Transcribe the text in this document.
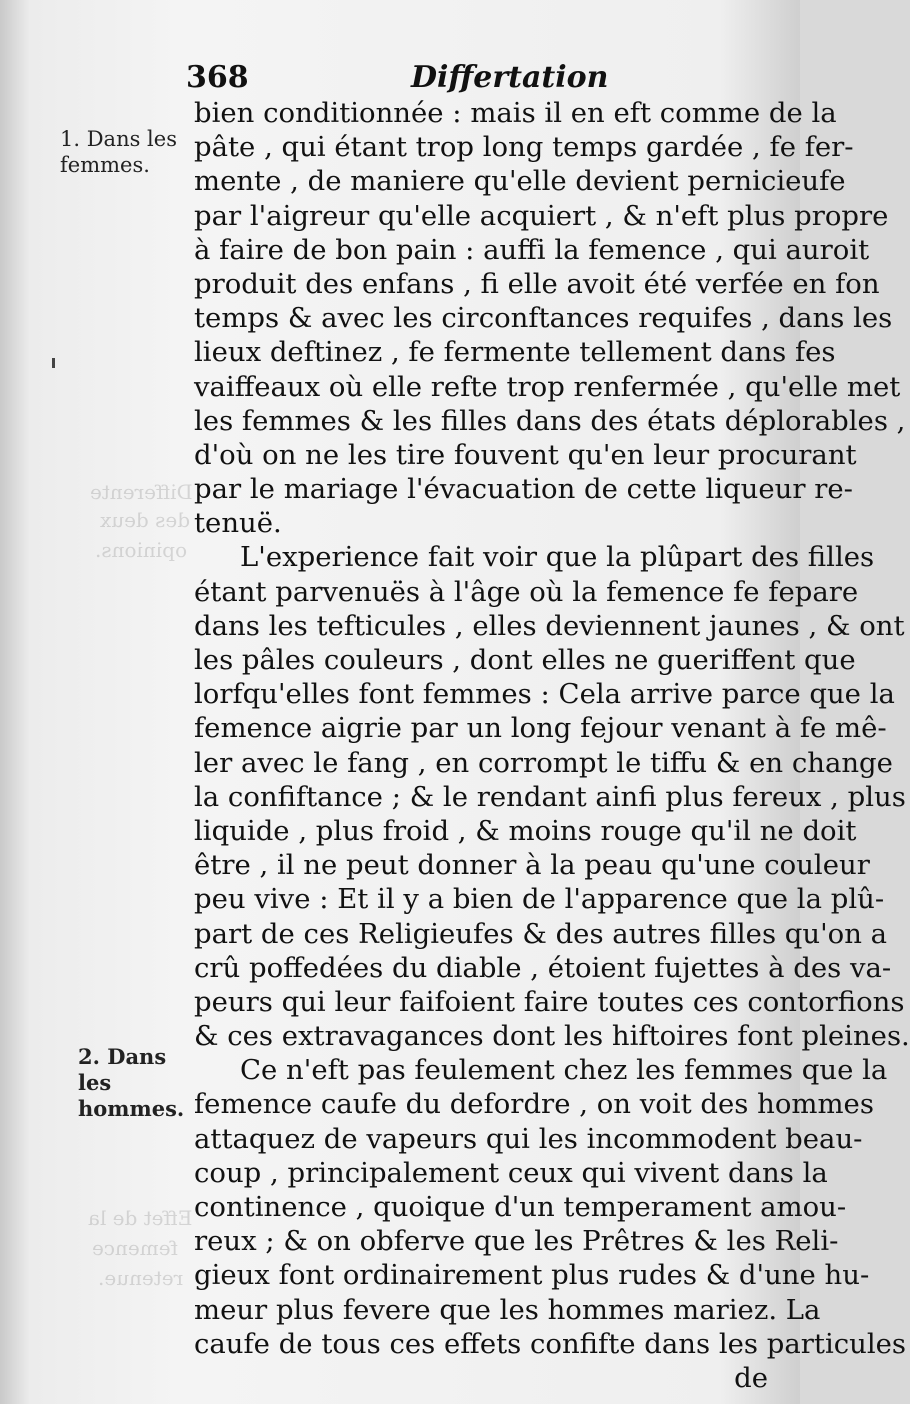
Differente
des deux
opinions.
Effet de la
femence
retenue.
368	Differtation
1. Dans les femmes.
2. Dans les hommes.
bien conditionnée : mais il en eft comme de la
pâte , qui étant trop long temps gardée , fe fer-
mente , de maniere qu'elle devient pernicieufe
par l'aigreur qu'elle acquiert , & n'eft plus propre
à faire de bon pain : auffi la femence , qui auroit
produit des enfans , fi elle avoit été verfée en fon
temps & avec les circonftances requifes , dans les
lieux deftinez , fe fermente tellement dans fes
vaiffeaux où elle refte trop renfermée , qu'elle met
les femmes & les filles dans des états déplorables ,
d'où on ne les tire fouvent qu'en leur procurant
par le mariage l'évacuation de cette liqueur re-
tenuë.
L'experience fait voir que la plûpart des filles
étant parvenuës à l'âge où la femence fe fepare
dans les tefticules , elles deviennent jaunes , & ont
les pâles couleurs , dont elles ne gueriffent que
lorfqu'elles font femmes : Cela arrive parce que la
femence aigrie par un long fejour venant à fe mê-
ler avec le fang , en corrompt le tiffu & en change
la confiftance ; & le rendant ainfi plus fereux , plus
liquide , plus froid , & moins rouge qu'il ne doit
être , il ne peut donner à la peau qu'une couleur
peu vive : Et il y a bien de l'apparence que la plû-
part de ces Religieufes & des autres filles qu'on a
crû poffedées du diable , étoient fujettes à des va-
peurs qui leur faifoient faire toutes ces contorfions
& ces extravagances dont les hiftoires font pleines.
Ce n'eft pas feulement chez les femmes que la
femence caufe du defordre , on voit des hommes
attaquez de vapeurs qui les incommodent beau-
coup , principalement ceux qui vivent dans la
continence , quoique d'un temperament amou-
reux ; & on obferve que les Prêtres & les Reli-
gieux font ordinairement plus rudes & d'une hu-
meur plus fevere que les hommes mariez. La
caufe de tous ces effets confifte dans les particules
de
